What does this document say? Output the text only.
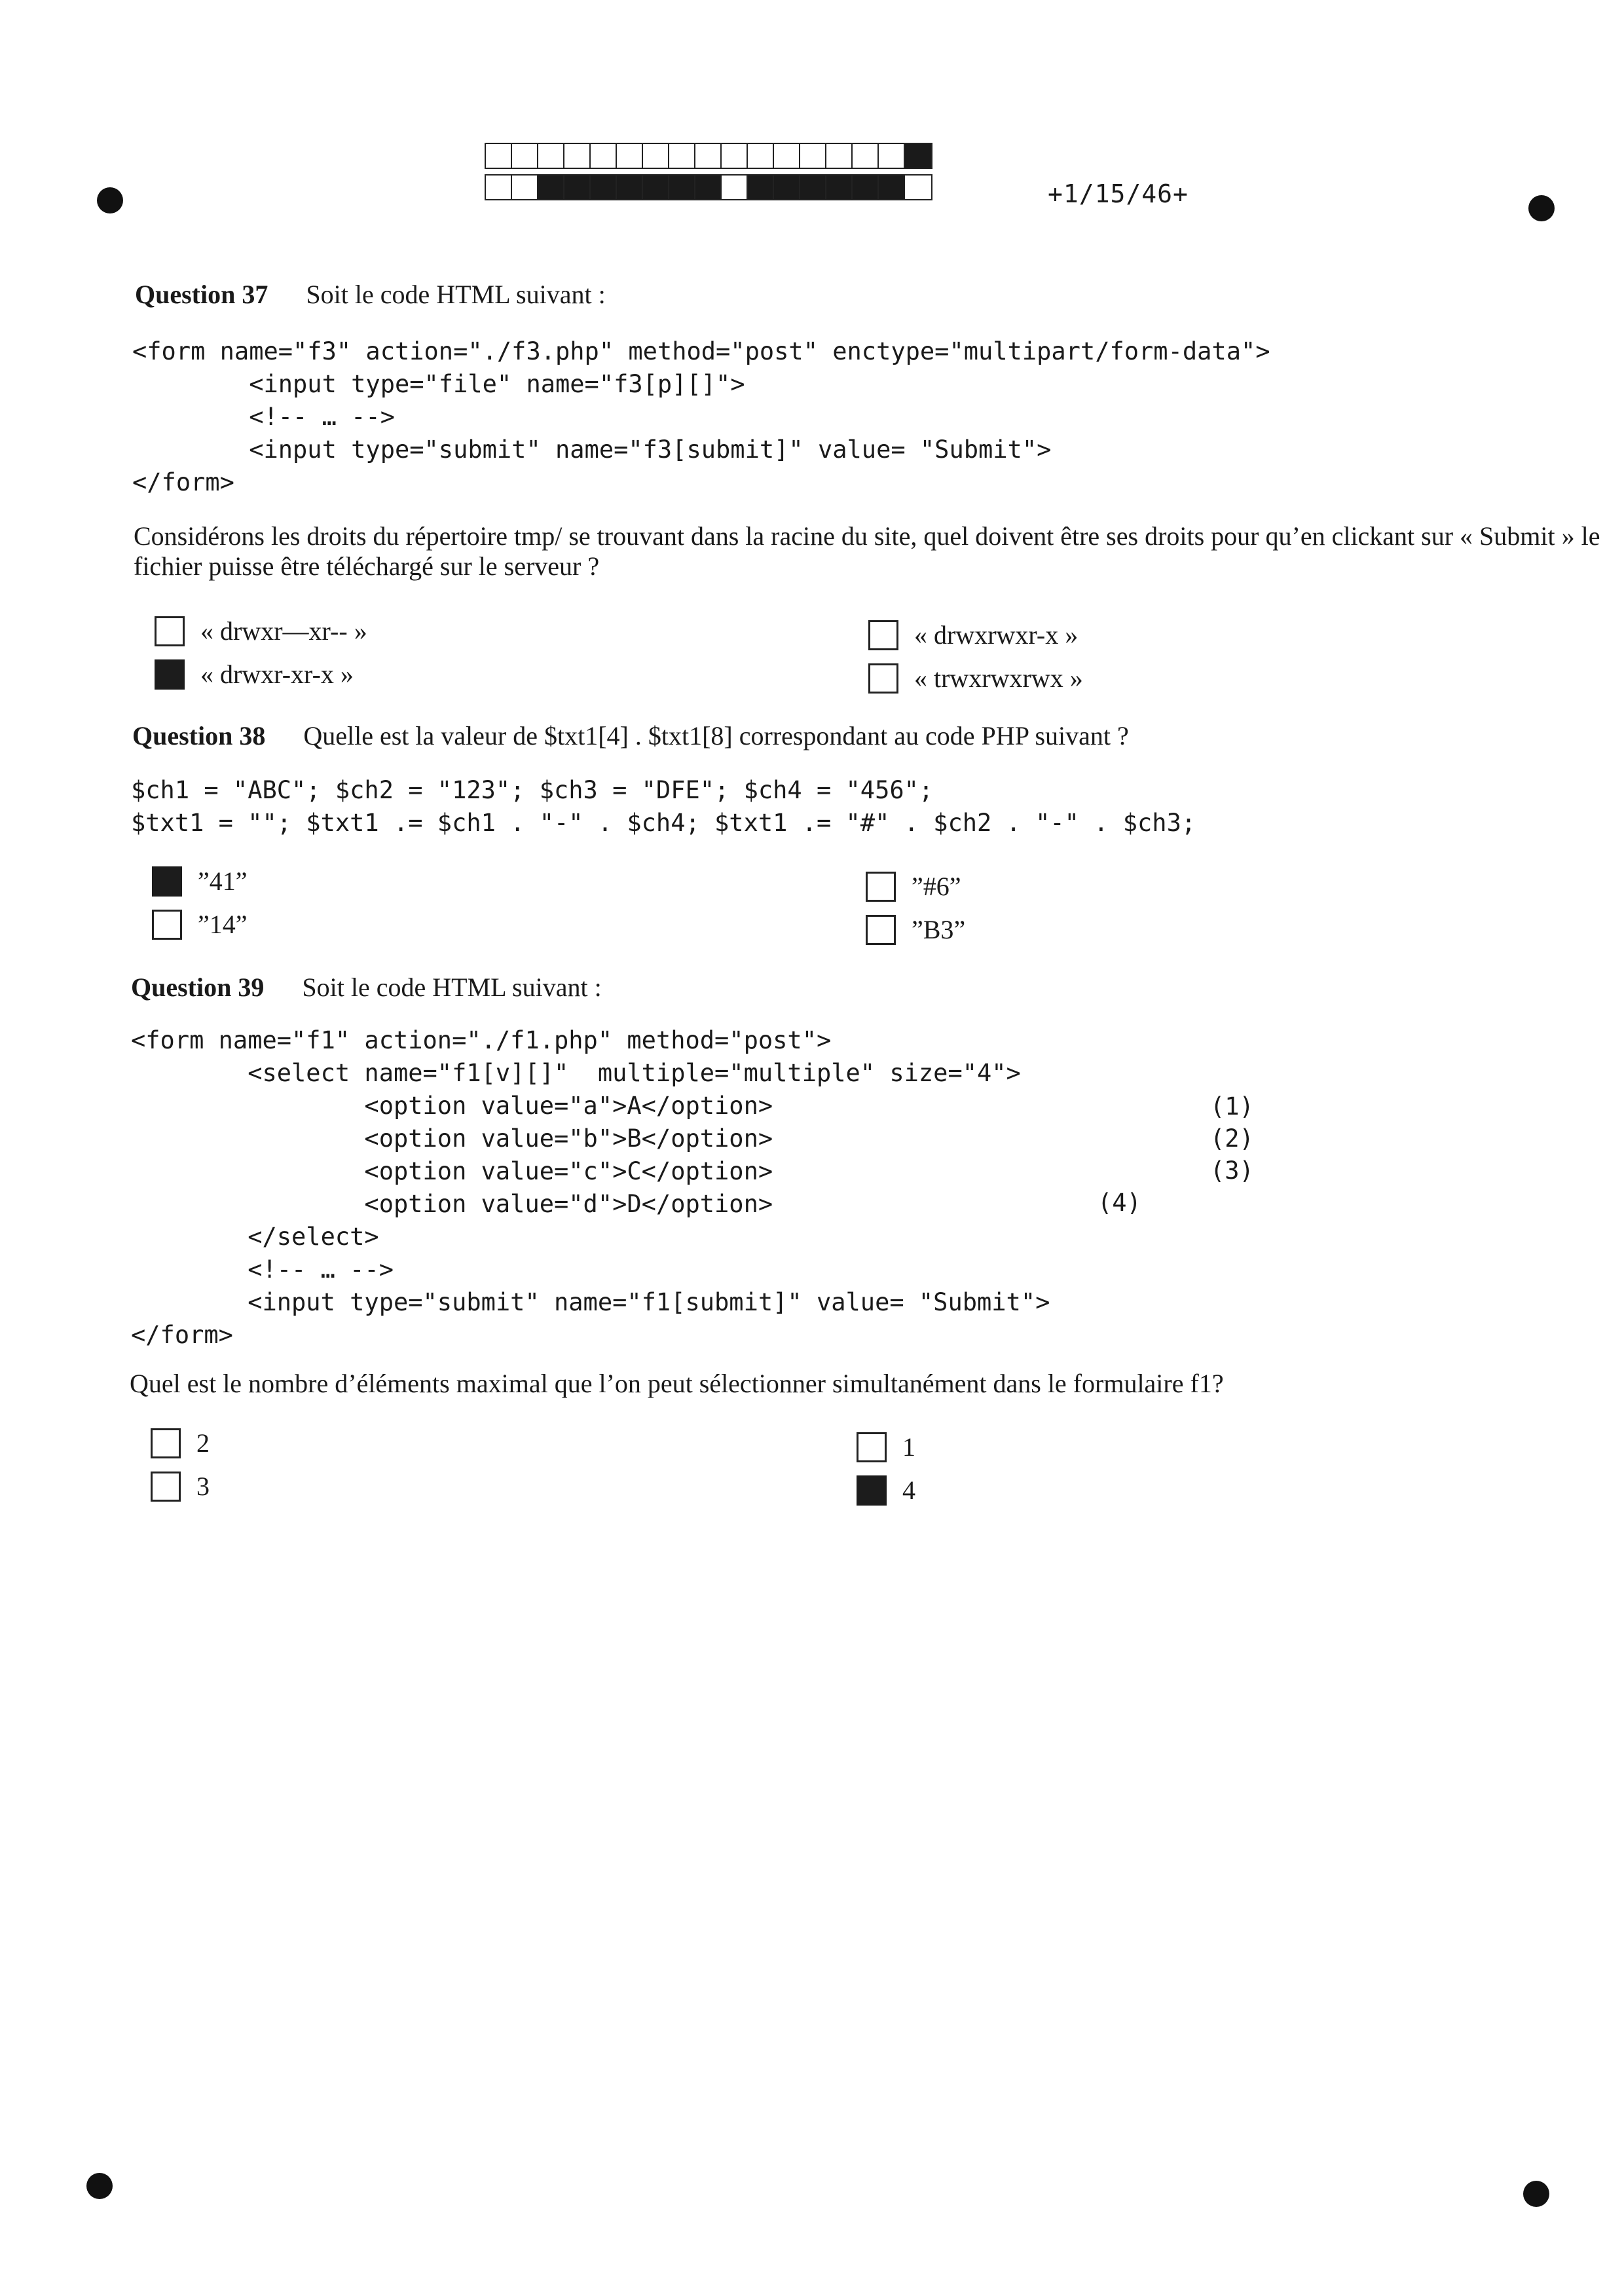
+1/15/46+
Question 37 Soit le code HTML suivant :
<form name="f3" action="./f3.php" method="post" enctype="multipart/form-data">
<input type="file" name="f3[p][]">
<!-- … -->
<input type="submit" name="f3[submit]" value= "Submit">
</form>
Considérons les droits du répertoire tmp/ se trouvant dans la racine du site, quel doivent être ses droits pour qu’en clickant sur « Submit » le fichier puisse être téléchargé sur le serveur ?
« drwxr—xr-- »
« drwxr-xr-x »
« drwxrwxr-x »
« trwxrwxrwx »
Question 38 Quelle est la valeur de $txt1[4] . $txt1[8] correspondant au code PHP suivant ?
$ch1 = "ABC"; $ch2 = "123"; $ch3 = "DFE"; $ch4 = "456";
$txt1 = ""; $txt1 .= $ch1 . "-" . $ch4; $txt1 .= "#" . $ch2 . "-" . $ch3;
”41”
”14”
”#6”
”B3”
Question 39 Soit le code HTML suivant :
<form name="f1" action="./f1.php" method="post">
<select name="f1[v][]"  multiple="multiple" size="4">
<option value="a">A</option>
<option value="b">B</option>
<option value="c">C</option>
<option value="d">D</option>
</select>
<!-- … -->
<input type="submit" name="f1[submit]" value= "Submit">
</form>
(1)
(2)
(3)
(4)
Quel est le nombre d’éléments maximal que l’on peut sélectionner simultanément dans le formulaire f1?
2
3
1
4
